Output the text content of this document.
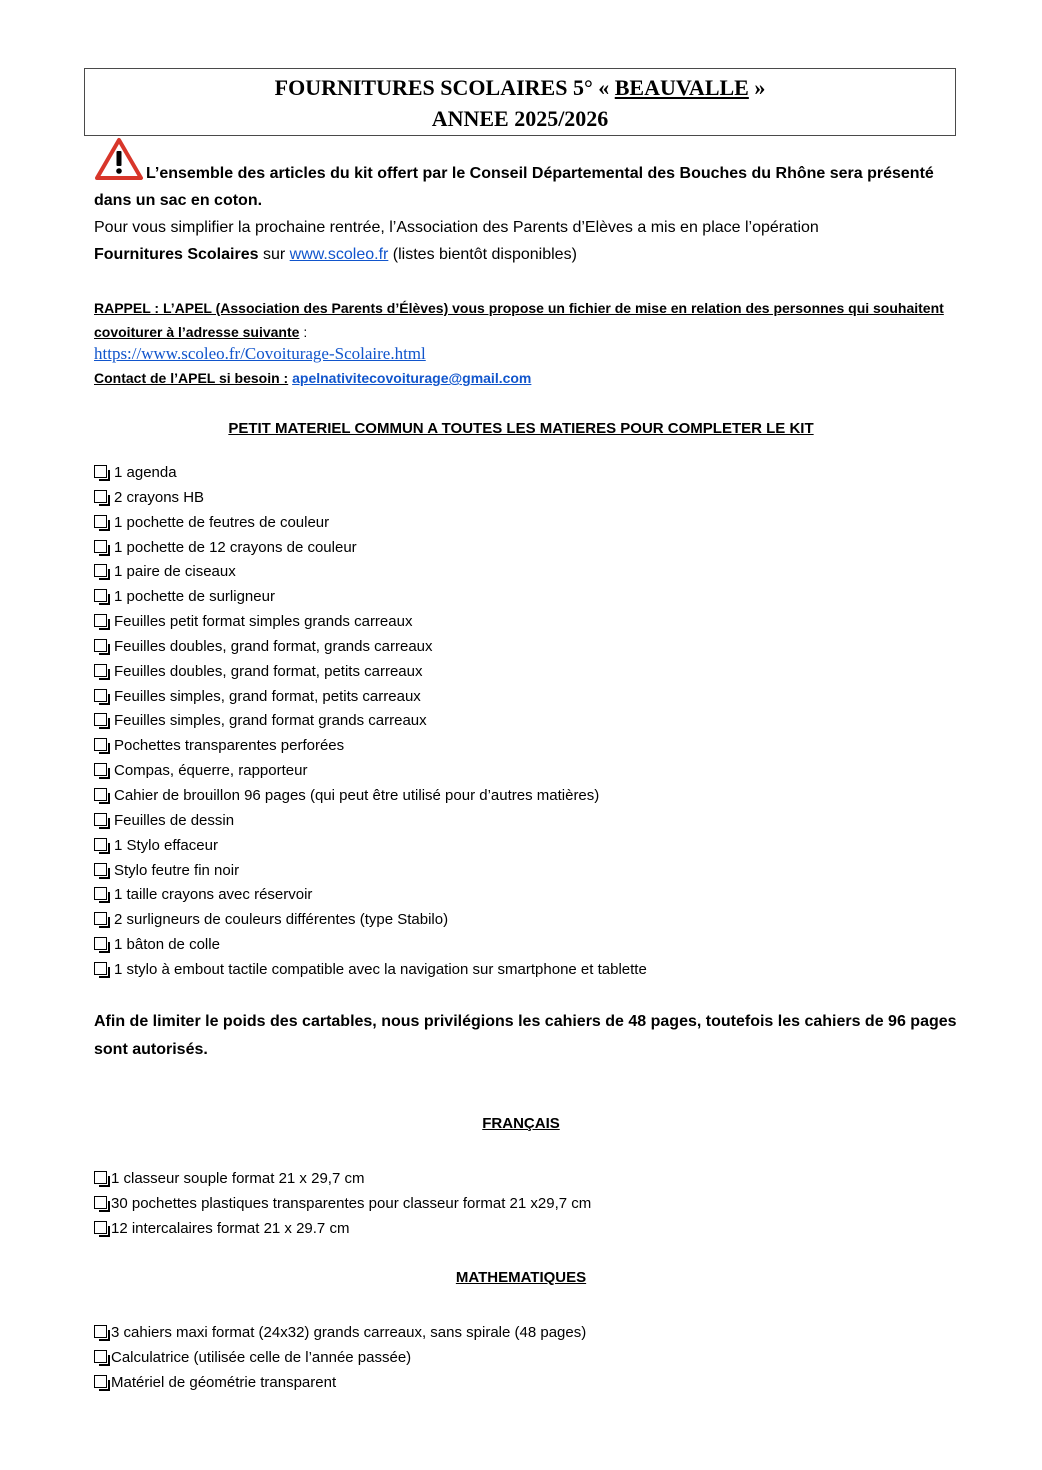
FOURNITURES SCOLAIRES 5° « BEAUVALLE »
ANNEE 2025/2026
L’ensemble des articles du kit offert par le Conseil Départemental des Bouches du Rhône sera présenté dans un sac en coton.
Pour vous simplifier la prochaine rentrée, l’Association des Parents d’Elèves a mis en place l’opération
Fournitures Scolaires sur www.scoleo.fr (listes bientôt disponibles)
RAPPEL : L’APEL (Association des Parents d’Élèves) vous propose un fichier de mise en relation des personnes qui souhaitent covoiturer à l’adresse suivante :
https://www.scoleo.fr/Covoiturage-Scolaire.html
Contact de l’APEL si besoin : apelnativitecovoiturage@gmail.com
PETIT MATERIEL COMMUN A TOUTES LES MATIERES POUR COMPLETER LE KIT
1 agenda
2 crayons HB
1 pochette de feutres de couleur
1 pochette de 12 crayons de couleur
1 paire de ciseaux
1 pochette de surligneur
Feuilles petit format simples grands carreaux
Feuilles doubles, grand format, grands carreaux
Feuilles doubles, grand format, petits carreaux
Feuilles simples, grand format, petits carreaux
Feuilles simples, grand format grands carreaux
Pochettes transparentes perforées
Compas, équerre, rapporteur
Cahier de brouillon 96 pages (qui peut être utilisé pour d’autres matières)
Feuilles de dessin
1 Stylo effaceur
Stylo feutre fin noir
1 taille crayons avec réservoir
2 surligneurs de couleurs différentes (type Stabilo)
1 bâton de colle
1 stylo à embout tactile compatible avec la navigation sur smartphone et tablette
Afin de limiter le poids des cartables, nous privilégions les cahiers de 48 pages, toutefois les cahiers de 96 pages sont autorisés.
FRANÇAIS
1 classeur souple format 21 x 29,7 cm
30 pochettes plastiques transparentes pour classeur format 21 x29,7 cm
12 intercalaires format 21 x 29.7 cm
MATHEMATIQUES
3 cahiers maxi format (24x32) grands carreaux, sans spirale (48 pages)
Calculatrice (utilisée celle de l’année passée)
Matériel de géométrie transparent
